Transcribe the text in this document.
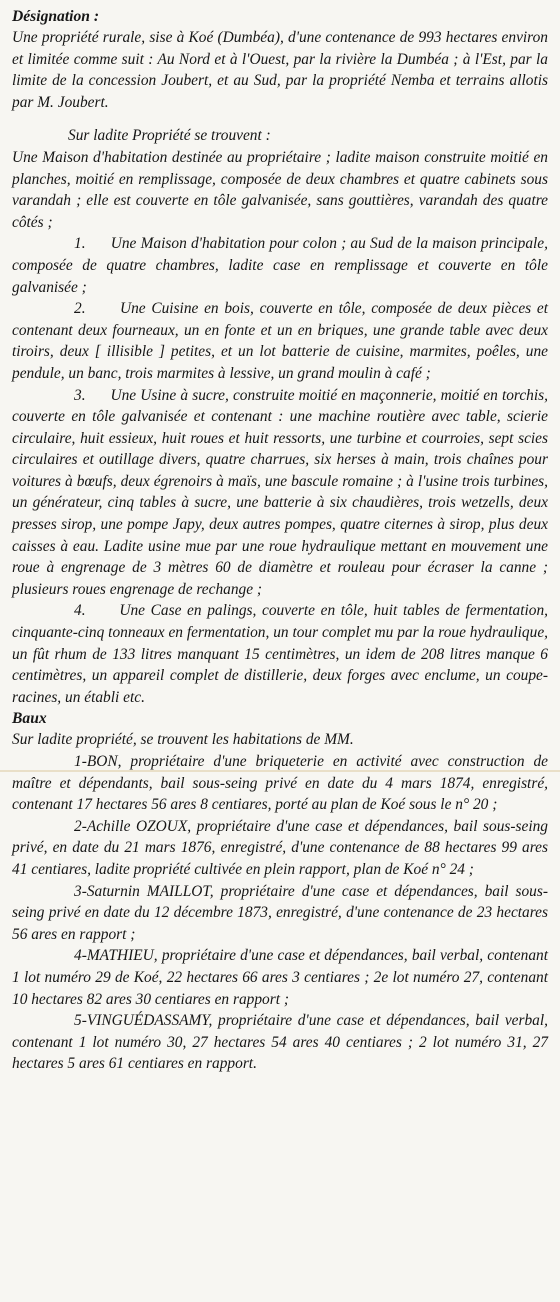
Désignation :

Une propriété rurale, sise à Koé (Dumbéa), d'une contenance de 993 hectares environ et limitée comme suit : Au Nord et à l'Ouest, par la rivière la Dumbéa ; à l'Est, par la limite de la concession Joubert, et au Sud, par la propriété Nemba et terrains allotis par M. Joubert.

Sur ladite Propriété se trouvent :

Une Maison d'habitation destinée au propriétaire ; ladite maison construite moitié en planches, moitié en remplissage, composée de deux chambres et quatre cabinets sous varandah ; elle est couverte en tôle galvanisée, sans gouttières, varandah des quatre côtés ;

1.      Une Maison d'habitation pour colon ; au Sud de la maison principale, composée de quatre chambres, ladite case en remplissage et couverte en tôle galvanisée ;

2.      Une Cuisine en bois, couverte en tôle, composée de deux pièces et contenant deux fourneaux, un en fonte et un en briques, une grande table avec deux tiroirs, deux [ illisible ] petites, et un lot batterie de cuisine, marmites, poêles, une pendule, un banc, trois marmites à lessive, un grand moulin à café ;

3.      Une Usine à sucre, construite moitié en maçonnerie, moitié en torchis, couverte en tôle galvanisée et contenant : une machine routière avec table, scierie circulaire, huit essieux, huit roues et huit ressorts, une turbine et courroies, sept scies circulaires et outillage divers, quatre charrues, six herses à main, trois chaînes pour voitures à bœufs, deux égrenoirs à maïs, une bascule romaine ; à l'usine trois turbines, un générateur, cinq tables à sucre, une batterie à six chaudières, trois wetzells, deux presses sirop, une pompe Japy, deux autres pompes, quatre citernes à sirop, plus deux caisses à eau. Ladite usine mue par une roue hydraulique mettant en mouvement une roue à engrenage de 3 mètres 60 de diamètre et rouleau pour écraser la canne ; plusieurs roues engrenage de rechange ;

4.      Une Case en palings, couverte en tôle, huit tables de fermentation, cinquante-cinq tonneaux en fermentation, un tour complet mu par la roue hydraulique, un fût rhum de 133 litres manquant 15 centimètres, un idem de 208 litres manque 6 centimètres, un appareil complet de distillerie, deux forges avec enclume, un coupe-racines, un établi etc.

Baux

Sur ladite propriété, se trouvent les habitations de MM.

1-BON, propriétaire d'une briqueterie en activité avec construction de maître et dépendants, bail sous-seing privé en date du 4 mars 1874, enregistré, contenant 17 hectares 56 ares 8 centiares, porté au plan de Koé sous le n° 20 ;

2-Achille OZOUX, propriétaire d'une case et dépendances, bail sous-seing privé, en date du 21 mars 1876, enregistré, d'une contenance de 88 hectares 99 ares 41 centiares, ladite propriété cultivée en plein rapport, plan de Koé n° 24 ;

3-Saturnin MAILLOT, propriétaire d'une case et dépendances, bail sous-seing privé en date du 12 décembre 1873, enregistré, d'une contenance de 23 hectares 56 ares en rapport ;

4-MATHIEU, propriétaire d'une case et dépendances, bail verbal, contenant 1 lot numéro 29 de Koé, 22 hectares 66 ares 3 centiares ; 2e lot numéro 27, contenant 10 hectares 82 ares 30 centiares en rapport ;

5-VINGUÉDASSAMY, propriétaire d'une case et dépendances, bail verbal, contenant 1 lot numéro 30, 27 hectares 54 ares 40 centiares ; 2 lot numéro 31, 27 hectares 5 ares 61 centiares en rapport.
